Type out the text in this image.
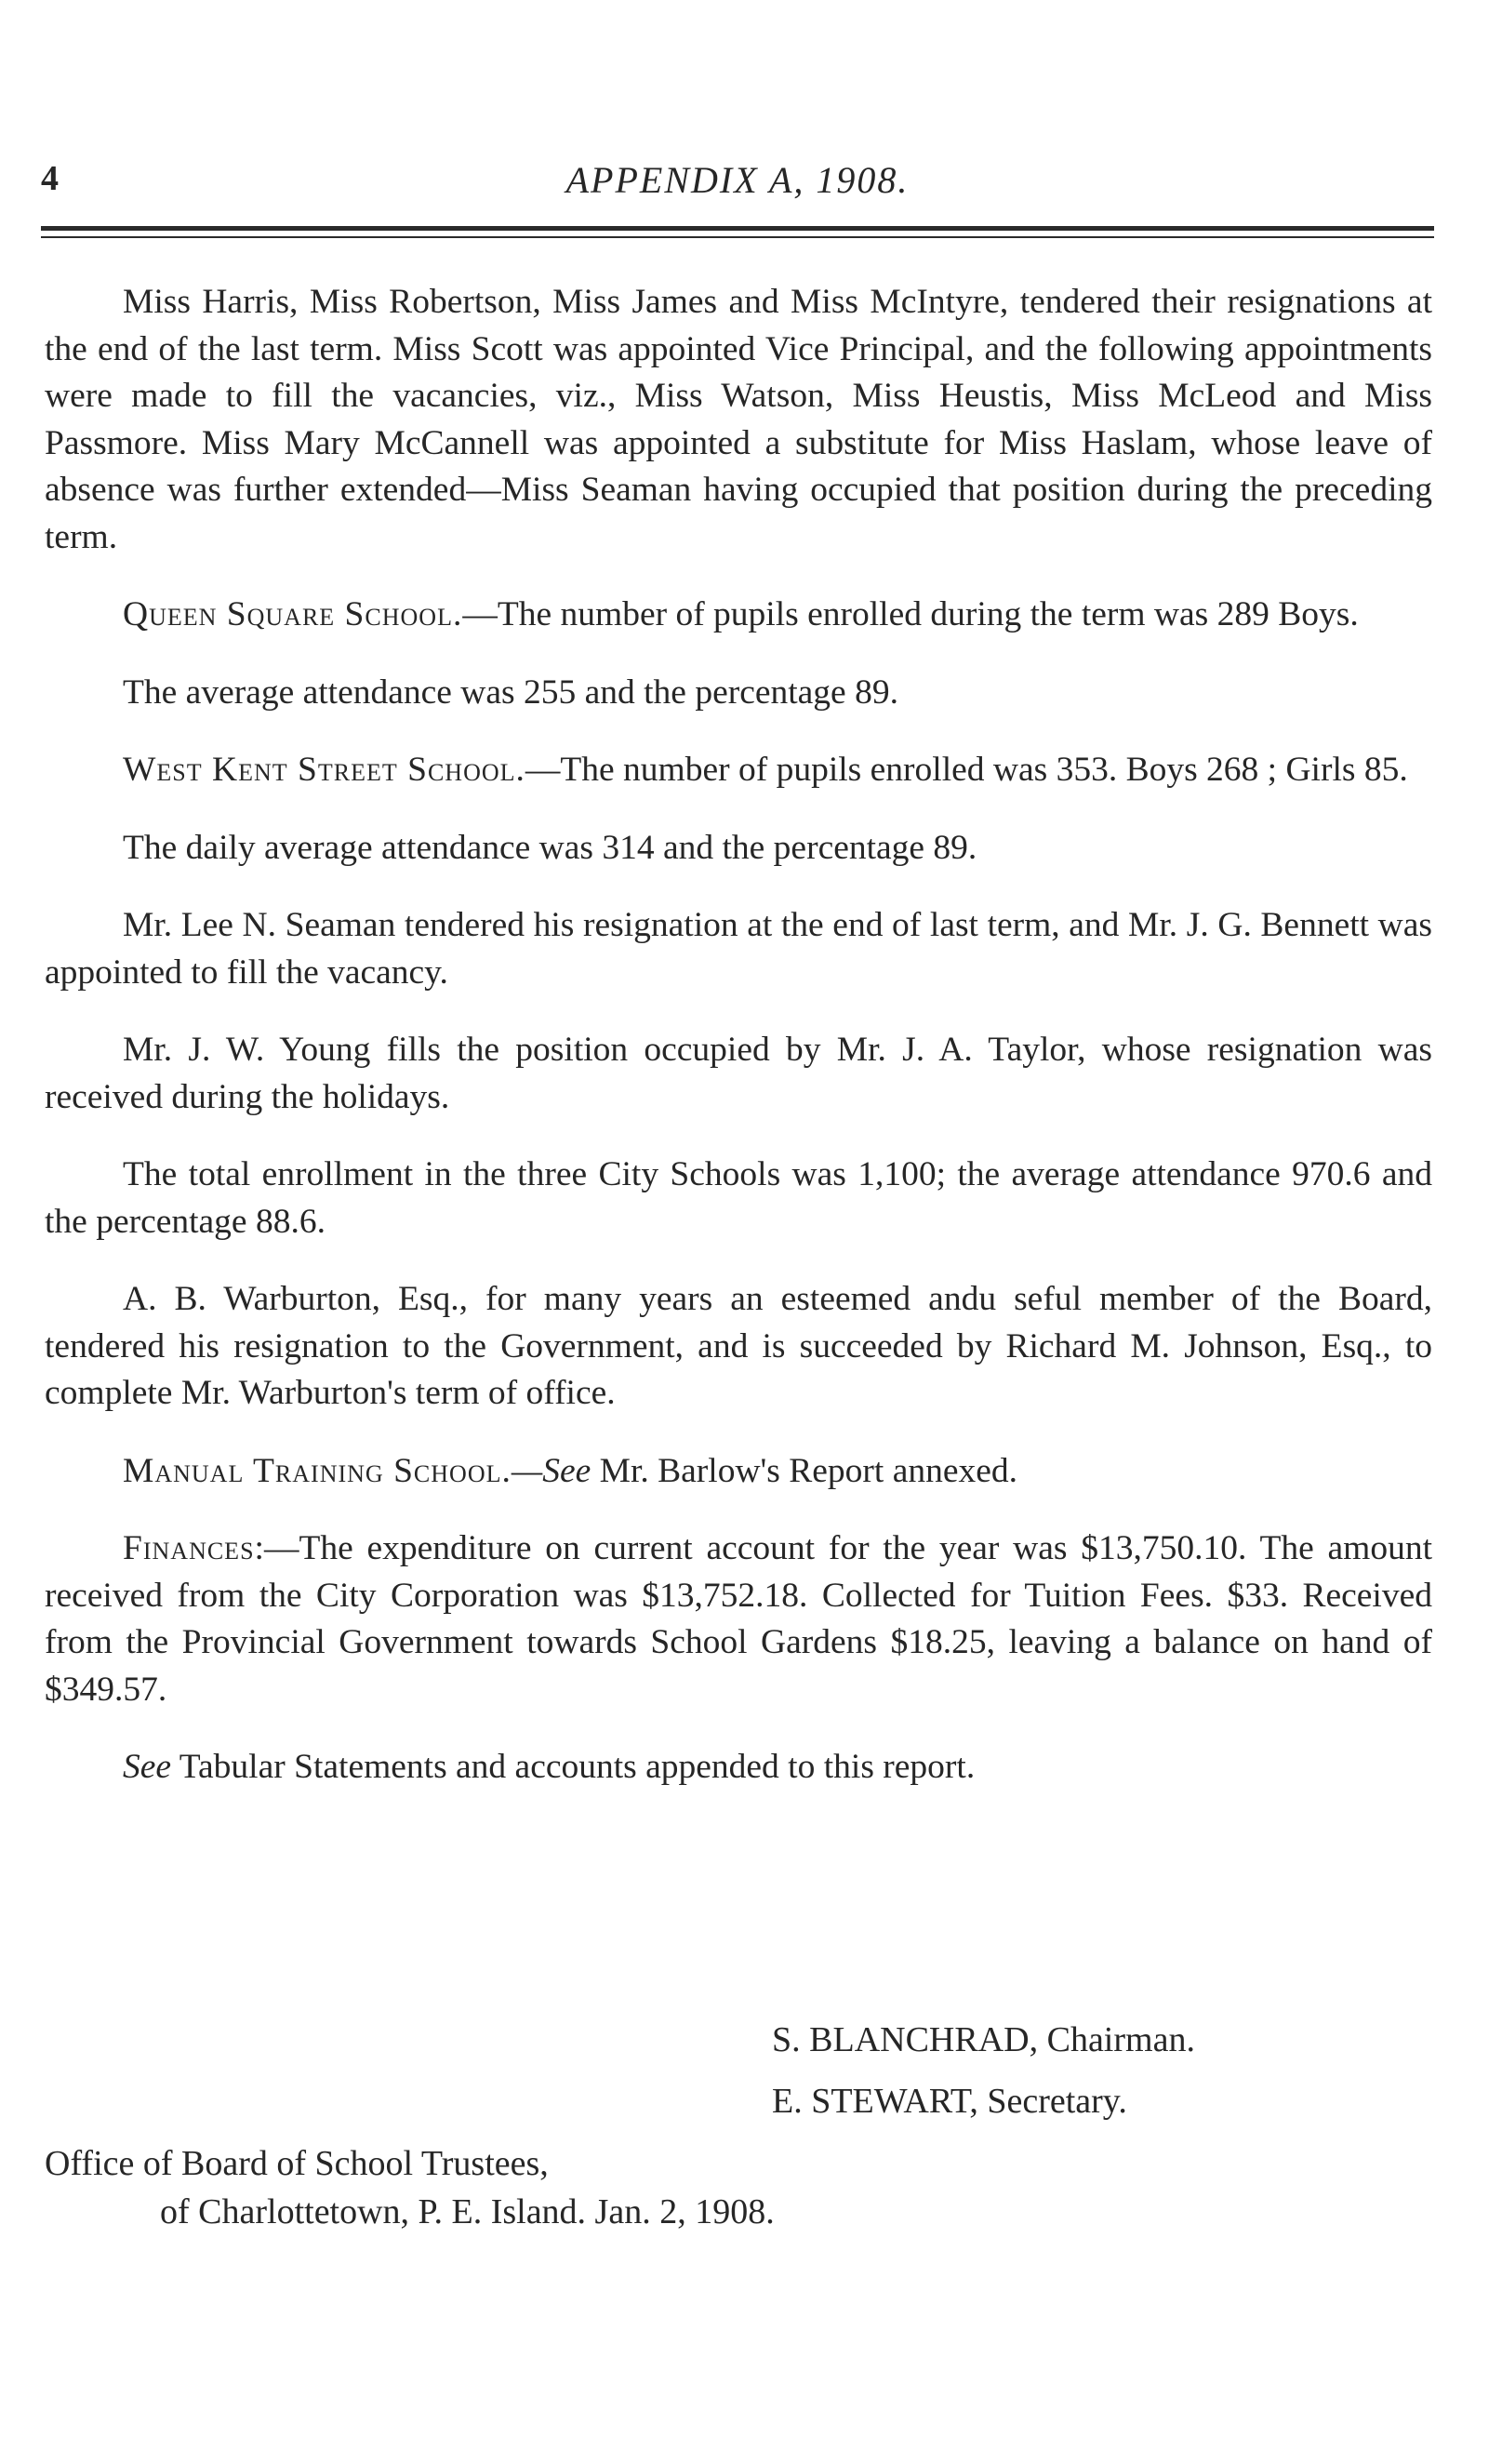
4	APPENDIX A, 1908.

Miss Harris, Miss Robertson, Miss James and Miss McIntyre, tendered their resignations at the end of the last term. Miss Scott was appointed Vice Principal, and the following appointments were made to fill the vacancies, viz., Miss Watson, Miss Heustis, Miss McLeod and Miss Passmore. Miss Mary McCannell was appointed a substitute for Miss Haslam, whose leave of absence was further extended—Miss Seaman having occupied that position during the preceding term.

Queen Square School.—The number of pupils enrolled during the term was 289 Boys.

The average attendance was 255 and the percentage 89.

West Kent Street School.—The number of pupils enrolled was 353. Boys 268 ; Girls 85.

The daily average attendance was 314 and the percentage 89.

Mr. Lee N. Seaman tendered his resignation at the end of last term, and Mr. J. G. Bennett was appointed to fill the vacancy.

Mr. J. W. Young fills the position occupied by Mr. J. A. Taylor, whose resignation was received during the holidays.

The total enrollment in the three City Schools was 1,100; the average attendance 970.6 and the percentage 88.6.

A. B. Warburton, Esq., for many years an esteemed andu seful member of the Board, tendered his resignation to the Government, and is succeeded by Richard M. Johnson, Esq., to complete Mr. Warburton's term of office.

Manual Training School.—See Mr. Barlow's Report annexed.

Finances:—The expenditure on current account for the year was $13,750.10. The amount received from the City Corporation was $13,752.18. Collected for Tuition Fees. $33. Received from the Provincial Government towards School Gardens $18.25, leaving a balance on hand of $349.57.

See Tabular Statements and accounts appended to this report.

S. BLANCHRAD, Chairman.
E. STEWART, Secretary.
Office of Board of School Trustees,
of Charlottetown, P. E. Island. Jan. 2, 1908.
